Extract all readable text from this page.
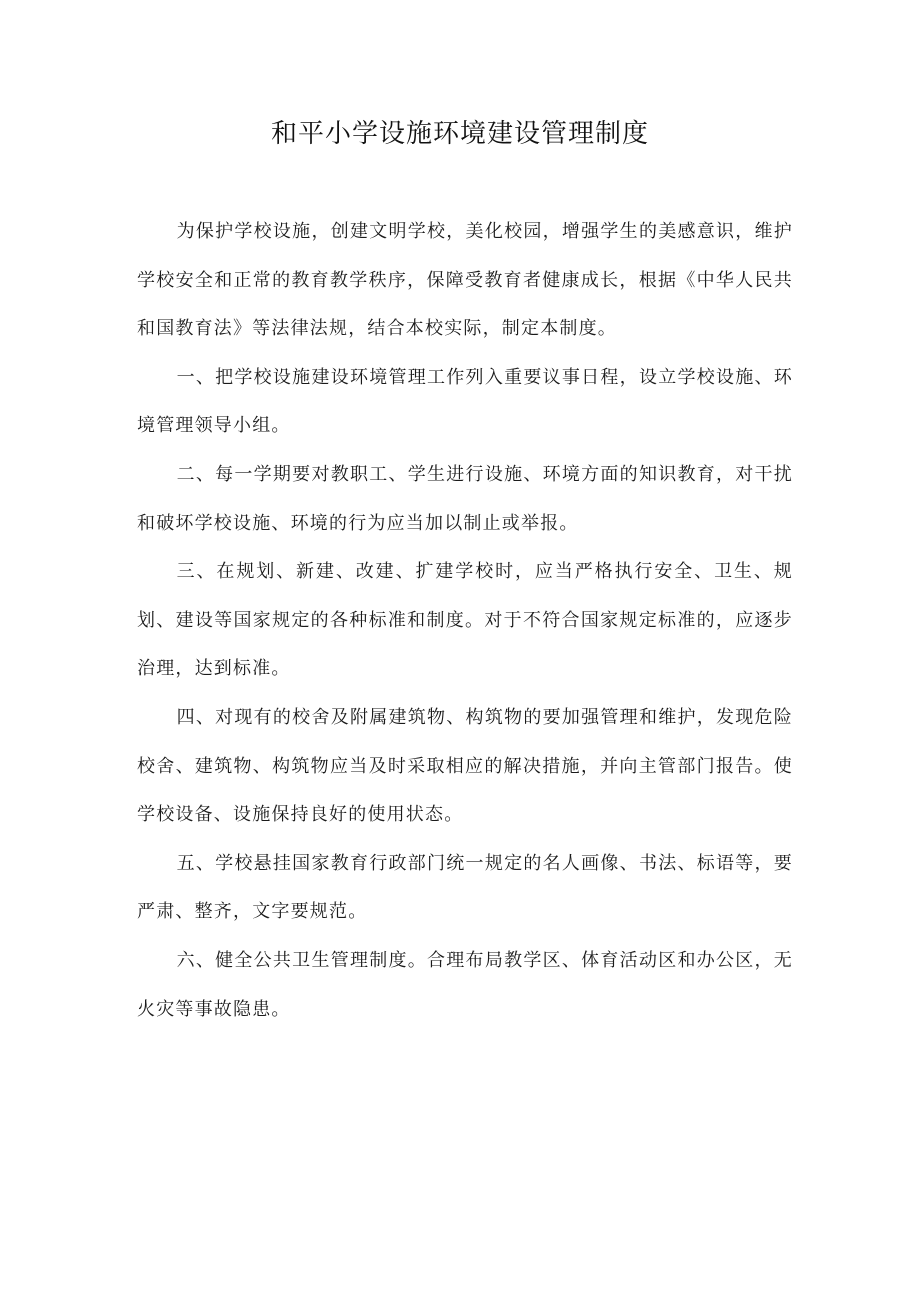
和平小学设施环境建设管理制度

为保护学校设施，创建文明学校，美化校园，增强学生的美感意识，维护学校安全和正常的教育教学秩序，保障受教育者健康成长，根据《中华人民共和国教育法》等法律法规，结合本校实际，制定本制度。

一、把学校设施建设环境管理工作列入重要议事日程，设立学校设施、环境管理领导小组。

二、每一学期要对教职工、学生进行设施、环境方面的知识教育，对干扰和破坏学校设施、环境的行为应当加以制止或举报。

三、在规划、新建、改建、扩建学校时，应当严格执行安全、卫生、规划、建设等国家规定的各种标准和制度。对于不符合国家规定标准的，应逐步治理，达到标准。

四、对现有的校舍及附属建筑物、构筑物的要加强管理和维护，发现危险校舍、建筑物、构筑物应当及时采取相应的解决措施，并向主管部门报告。使学校设备、设施保持良好的使用状态。

五、学校悬挂国家教育行政部门统一规定的名人画像、书法、标语等，要严肃、整齐，文字要规范。

六、健全公共卫生管理制度。合理布局教学区、体育活动区和办公区，无火灾等事故隐患。
